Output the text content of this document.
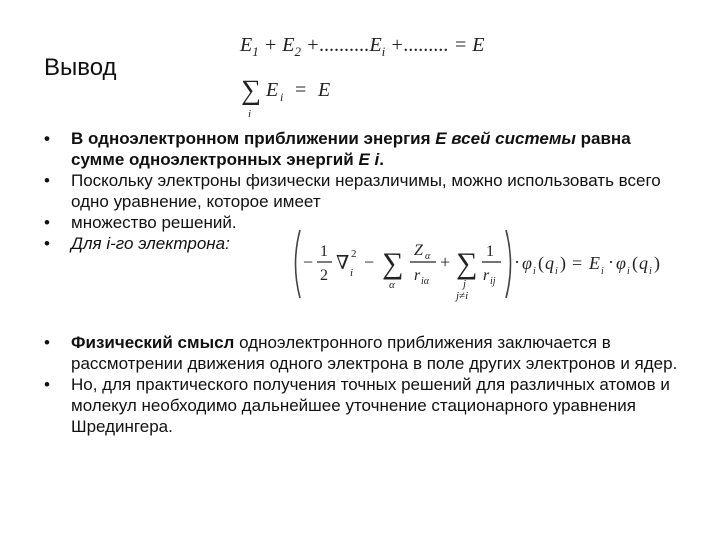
Вывод
$E_1 + E_2 +..........E_i$ +......... = E
∑
i
E i = E
• В одноэлектронном приближении энергия Е всей системы равна сумме одноэлектронных энергий Е i.
• Поскольку электроны физически неразличимы, можно использовать всего одно уравнение, которое имеет
• множество решений.
• Для i-го электрона:
−
1
2
∇ 2
i
− ∑
α
Z α
r iα
+ ∑
j
j≠i
1
r ij
· φ i ( q i ) = E i · φ i ( q i )
• Физический смысл одноэлектронного приближения заключается в рассмотрении движения одного электрона в поле других электронов и ядер.
• Но, для практического получения точных решений для различных атомов и молекул необходимо дальнейшее уточнение стационарного уравнения Шредингера.
